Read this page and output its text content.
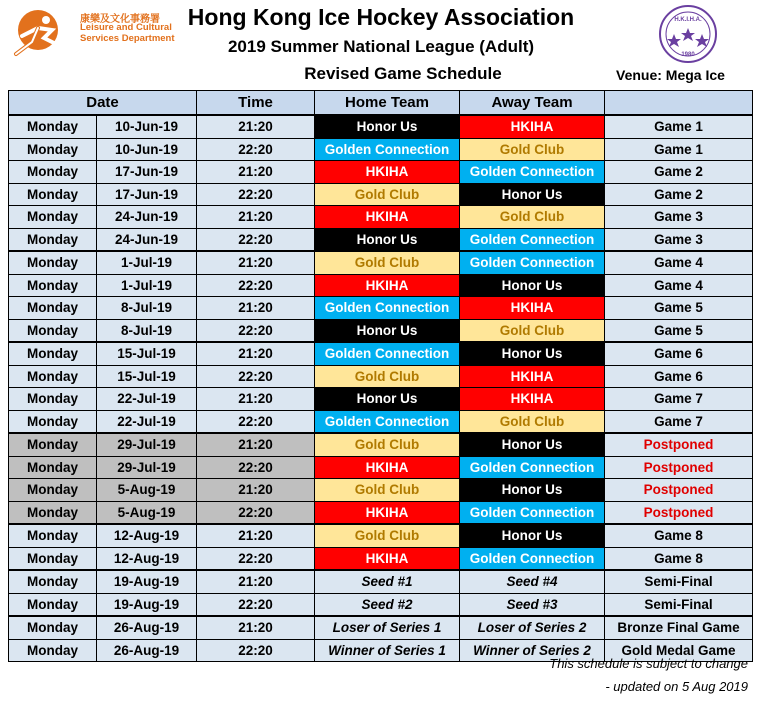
康樂及文化事務署
Leisure and Cultural
Services Department
H.K.I.H.A.
1980
Hong Kong Ice Hockey Association
2019 Summer National League (Adult)
Revised Game Schedule	Venue: Mega Ice
Date		Time	Home Team	Away Team	
Monday	10-Jun-19	21:20	Honor Us	HKIHA	Game 1
Monday	10-Jun-19	22:20	Golden Connection	Gold Club	Game 1
Monday	17-Jun-19	21:20	HKIHA	Golden Connection	Game 2
Monday	17-Jun-19	22:20	Gold Club	Honor Us	Game 2
Monday	24-Jun-19	21:20	HKIHA	Gold Club	Game 3
Monday	24-Jun-19	22:20	Honor Us	Golden Connection	Game 3
Monday	1-Jul-19	21:20	Gold Club	Golden Connection	Game 4
Monday	1-Jul-19	22:20	HKIHA	Honor Us	Game 4
Monday	8-Jul-19	21:20	Golden Connection	HKIHA	Game 5
Monday	8-Jul-19	22:20	Honor Us	Gold Club	Game 5
Monday	15-Jul-19	21:20	Golden Connection	Honor Us	Game 6
Monday	15-Jul-19	22:20	Gold Club	HKIHA	Game 6
Monday	22-Jul-19	21:20	Honor Us	HKIHA	Game 7
Monday	22-Jul-19	22:20	Golden Connection	Gold Club	Game 7
Monday	29-Jul-19	21:20	Gold Club	Honor Us	Postponed
Monday	29-Jul-19	22:20	HKIHA	Golden Connection	Postponed
Monday	5-Aug-19	21:20	Gold Club	Honor Us	Postponed
Monday	5-Aug-19	22:20	HKIHA	Golden Connection	Postponed
Monday	12-Aug-19	21:20	Gold Club	Honor Us	Game 8
Monday	12-Aug-19	22:20	HKIHA	Golden Connection	Game 8
Monday	19-Aug-19	21:20	Seed #1	Seed #4	Semi-Final
Monday	19-Aug-19	22:20	Seed #2	Seed #3	Semi-Final
Monday	26-Aug-19	21:20	Loser of Series 1	Loser of Series 2	Bronze Final Game
Monday	26-Aug-19	22:20	Winner of Series 1	Winner of Series 2	Gold Medal Game
This schedule is subject to change
- updated on 5 Aug 2019
